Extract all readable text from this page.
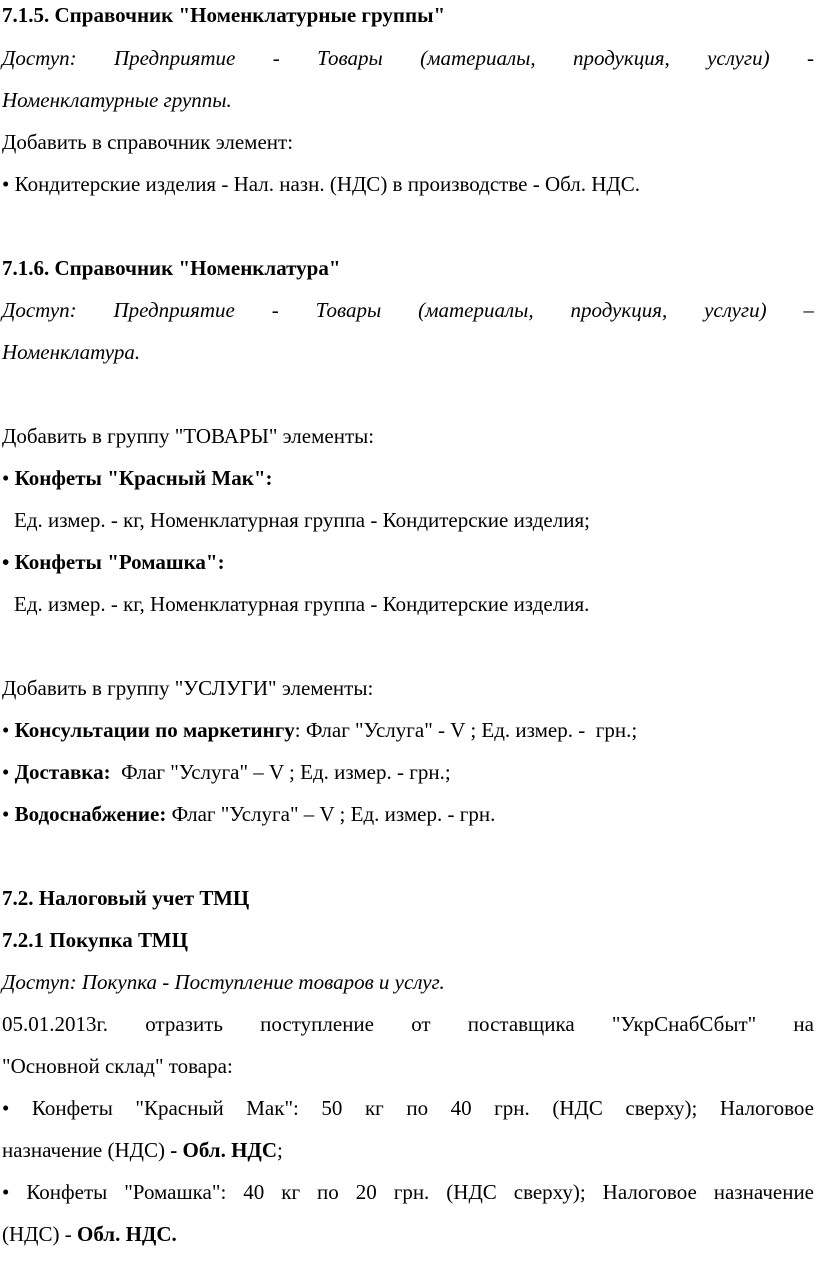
7.1.5. Справочник "Номенклатурные группы"
Доступ: Предприятие - Товары (материалы, продукция, услуги) -
Номенклатурные группы.
Добавить в справочник элемент:
• Кондитерские изделия - Нал. назн. (НДС) в производстве - Обл. НДС.
7.1.6. Справочник "Номенклатура"
Доступ: Предприятие - Товары (материалы, продукция, услуги) –
Номенклатура.
Добавить в группу "ТОВАРЫ" элементы:
• Конфеты "Красный Мак":
Ед. измер. - кг, Номенклатурная группа - Кондитерские изделия;
• Конфеты "Ромашка":
Ед. измер. - кг, Номенклатурная группа - Кондитерские изделия.
Добавить в группу "УСЛУГИ" элементы:
• Консультации по маркетингу: Флаг "Услуга" - V ; Ед. измер. -  грн.;
• Доставка:  Флаг "Услуга" – V ; Ед. измер. - грн.;
• Водоснабжение: Флаг "Услуга" – V ; Ед. измер. - грн.
7.2. Налоговый учет ТМЦ
7.2.1 Покупка ТМЦ
Доступ: Покупка - Поступление товаров и услуг.
05.01.2013г. отразить поступление от поставщика "УкрСнабСбыт" на
"Основной склад" товара:
• Конфеты "Красный Мак": 50 кг по 40 грн. (НДС сверху); Налоговое
назначение (НДС) - Обл. НДС;
• Конфеты "Ромашка": 40 кг по 20 грн. (НДС сверху); Налоговое назначение
(НДС) - Обл. НДС.
